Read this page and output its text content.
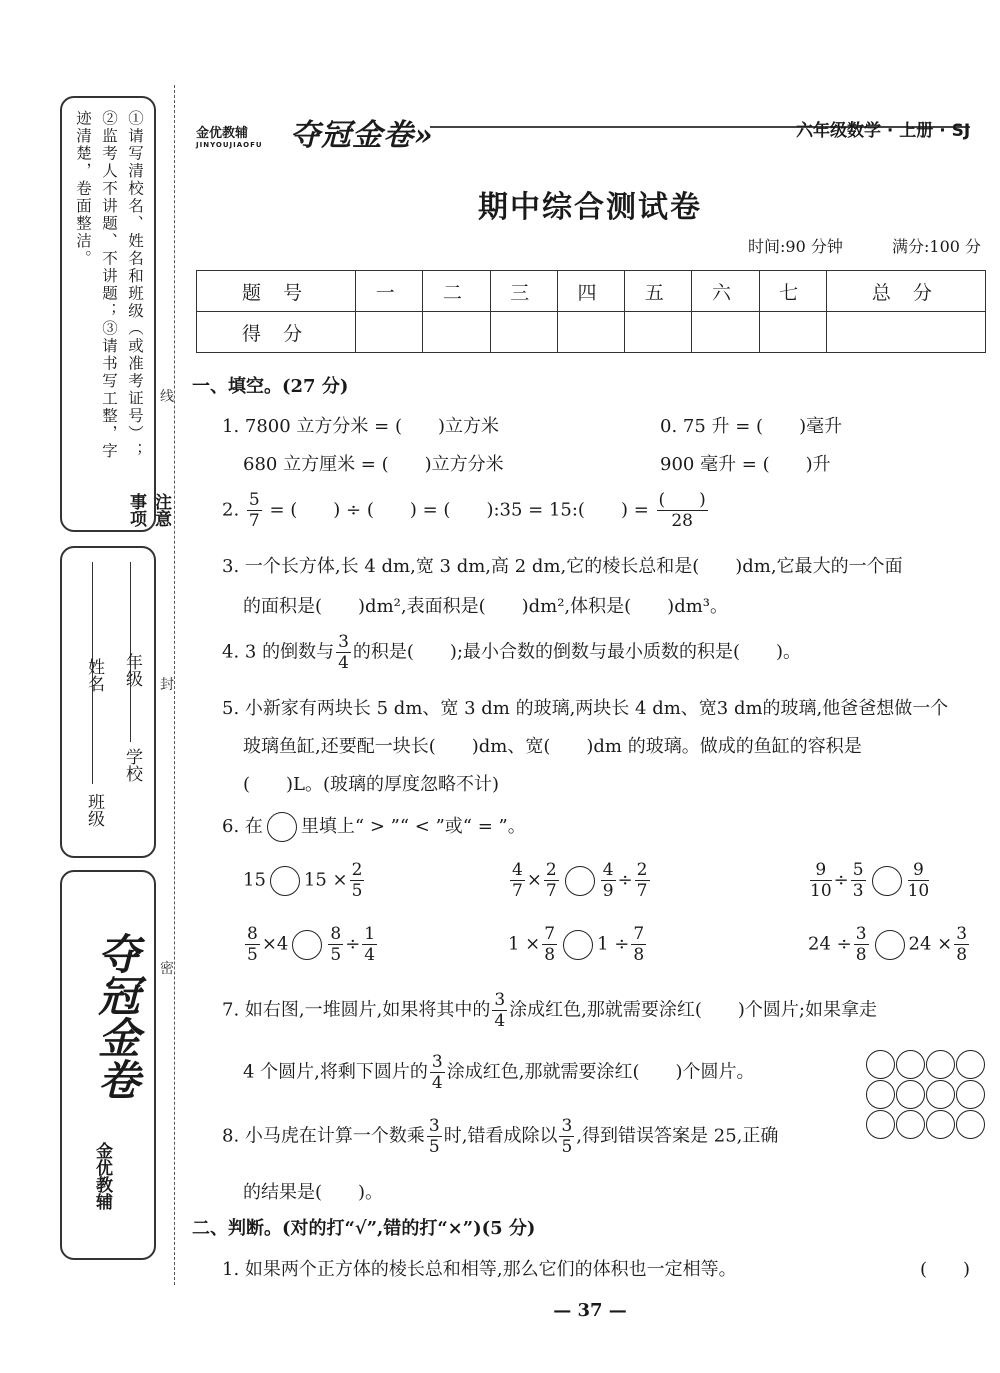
①请写清校名、姓名和班级（或准考证号）；②监考人不讲题、不讲题；③请书写工整，字迹清楚，卷面整洁。
注意事项
学校
年级
班级
姓名
夺冠金卷
金优教辅
线
封
密
金优教辅
JINYOUJIAOFU 夺冠金卷»	六年级数学 · 上册 · SJ
期中综合测试卷
时间:90 分钟	满分:100 分
题 号	一	二	三	四	五	六	七	总 分
得 分								
一、填空。(27 分)
1. 7800 立方分米 = (　　)立方米	0. 75 升 = (　　)毫升
680 立方厘米 = (　　)立方分米	900 毫升 = (　　)升
2. $\frac{5}{7}$ = (　　) ÷ (　　) = (　　):35 = 15:(　　) = $\frac{( )}{28}$
3. 一个长方体,长 4 dm,宽 3 dm,高 2 dm,它的棱长总和是(　　)dm,它最大的一个面
的面积是(　　)dm²,表面积是(　　)dm²,体积是(　　)dm³。
4. 3 的倒数与 $\frac{3}{4}$ 的积是(　　);最小合数的倒数与最小质数的积是(　　)。
5. 小新家有两块长 5 dm、宽 3 dm 的玻璃,两块长 4 dm、宽3 dm的玻璃,他爸爸想做一个
玻璃鱼缸,还要配一块长(　　)dm、宽(　　)dm 的玻璃。做成的鱼缸的容积是
(　　)L。(玻璃的厚度忽略不计)
6. 在 里填上“ > ”“ < ”或“ = ”。
15 $15 \times \frac{2}{5}$	$\frac{4}{7} \times \frac{2}{7} \frac{4}{9} \div \frac{2}{7}$	$\frac{9}{10} \div \frac{5}{3} \frac{9}{10}$
$\frac{8}{5} \times 4 \frac{8}{5} \div \frac{1}{4}$	$1 \times \frac{7}{8} 1 \div \frac{7}{8}$	$24 \div \frac{3}{8} 24 \times \frac{3}{8}$
7. 如右图,一堆圆片,如果将其中的 $\frac{3}{4}$ 涂成红色,那就需要涂红(　　)个圆片;如果拿走
4 个圆片,将剩下圆片的 $\frac{3}{4}$ 涂成红色,那就需要涂红(　　)个圆片。
8. 小马虎在计算一个数乘 $\frac{3}{5}$ 时,错看成除以 $\frac{3}{5}$ ,得到错误答案是 25,正确
的结果是(　　)。
二、判断。(对的打“√”,错的打“×”)(5 分)
1. 如果两个正方体的棱长总和相等,那么它们的体积也一定相等。	(　　)
— 37 —
